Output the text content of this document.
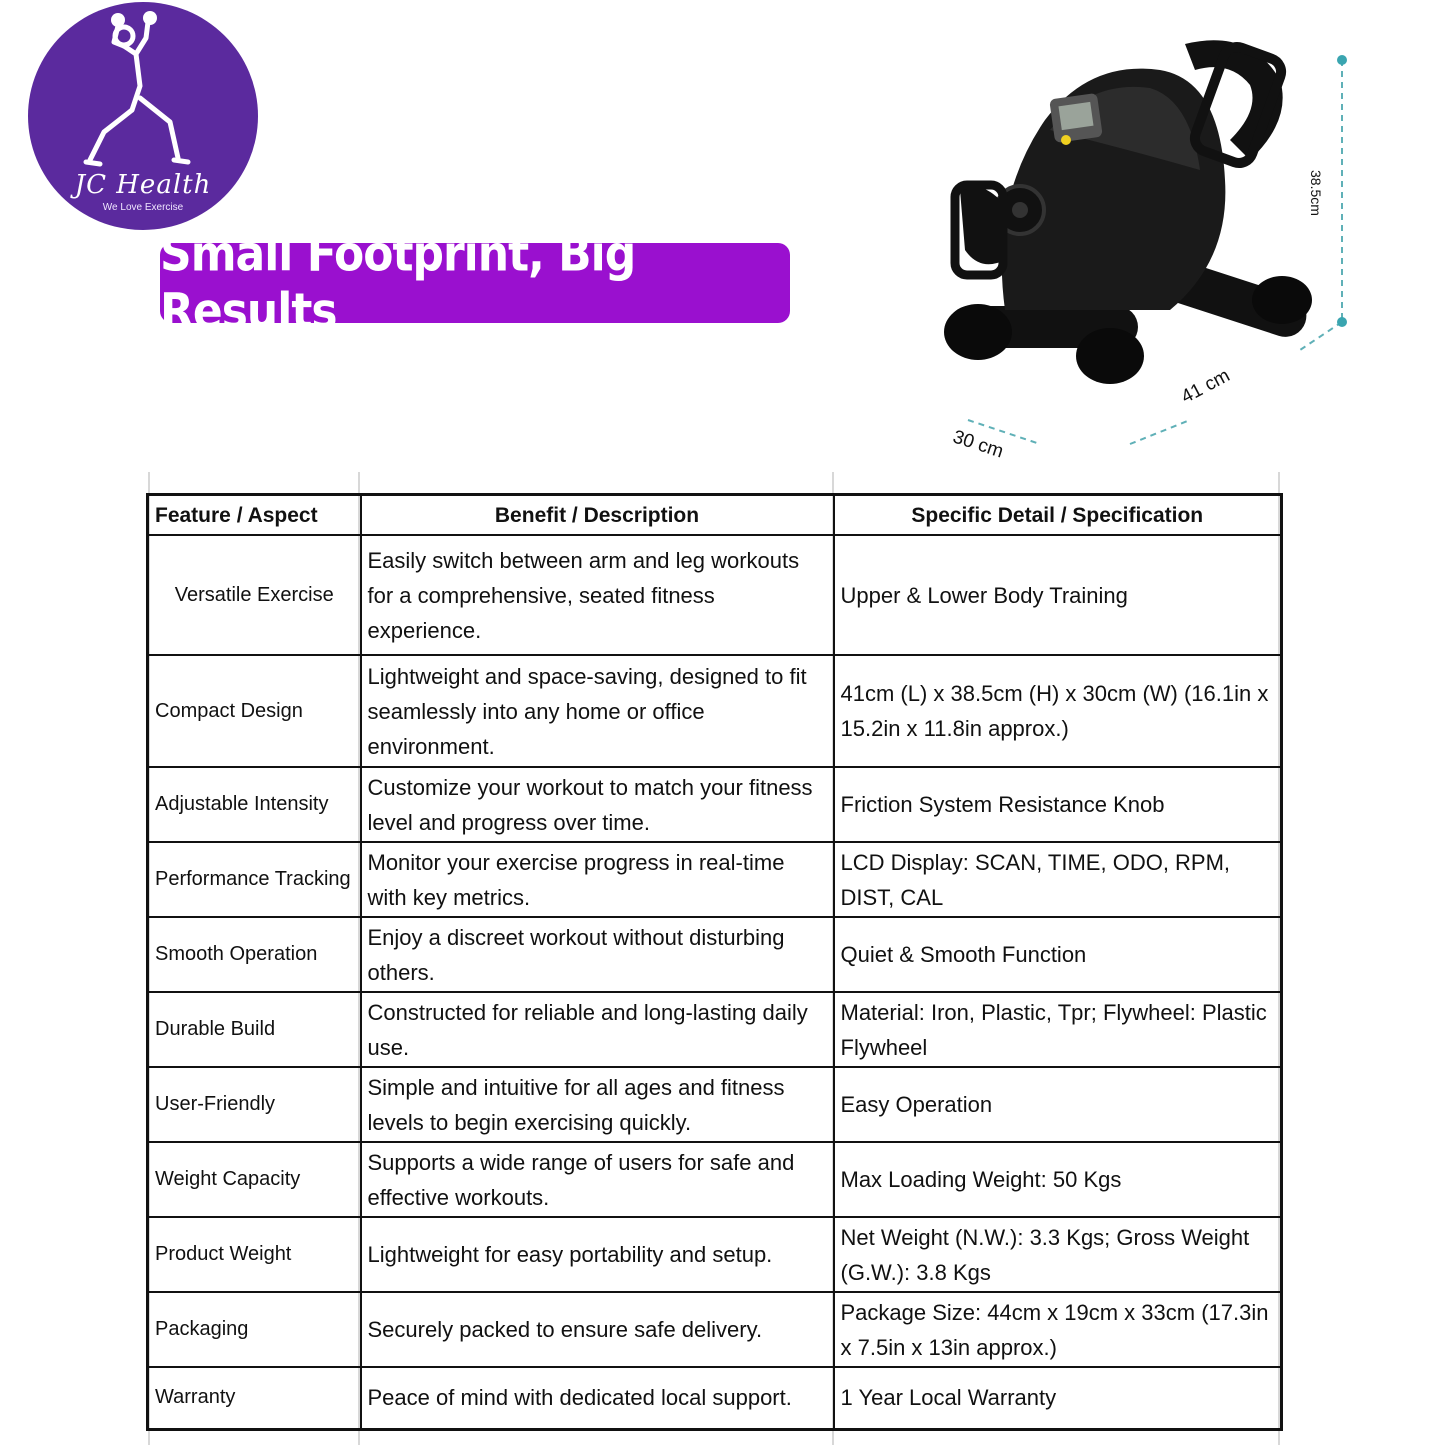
JC Health
We Love Exercise
Small Footprint, Big Results
38.5cm
30 cm
41 cm
Feature / Aspect	Benefit / Description	Specific Detail / Specification
Versatile Exercise	Easily switch between arm and leg workouts for a comprehensive, seated fitness experience.	Upper & Lower Body Training
Compact Design	Lightweight and space-saving, designed to fit seamlessly into any home or office environment.	41cm (L) x 38.5cm (H) x 30cm (W) (16.1in x 15.2in x 11.8in approx.)
Adjustable Intensity	Customize your workout to match your fitness level and progress over time.	Friction System Resistance Knob
Performance Tracking	Monitor your exercise progress in real-time with key metrics.	LCD Display: SCAN, TIME, ODO, RPM, DIST, CAL
Smooth Operation	Enjoy a discreet workout without disturbing others.	Quiet & Smooth Function
Durable Build	Constructed for reliable and long-lasting daily use.	Material: Iron, Plastic, Tpr; Flywheel: Plastic Flywheel
User-Friendly	Simple and intuitive for all ages and fitness levels to begin exercising quickly.	Easy Operation
Weight Capacity	Supports a wide range of users for safe and effective workouts.	Max Loading Weight: 50 Kgs
Product Weight	Lightweight for easy portability and setup.	Net Weight (N.W.): 3.3 Kgs; Gross Weight (G.W.): 3.8 Kgs
Packaging	Securely packed to ensure safe delivery.	Package Size: 44cm x 19cm x 33cm (17.3in x 7.5in x 13in approx.)
Warranty	Peace of mind with dedicated local support.	1 Year Local Warranty
